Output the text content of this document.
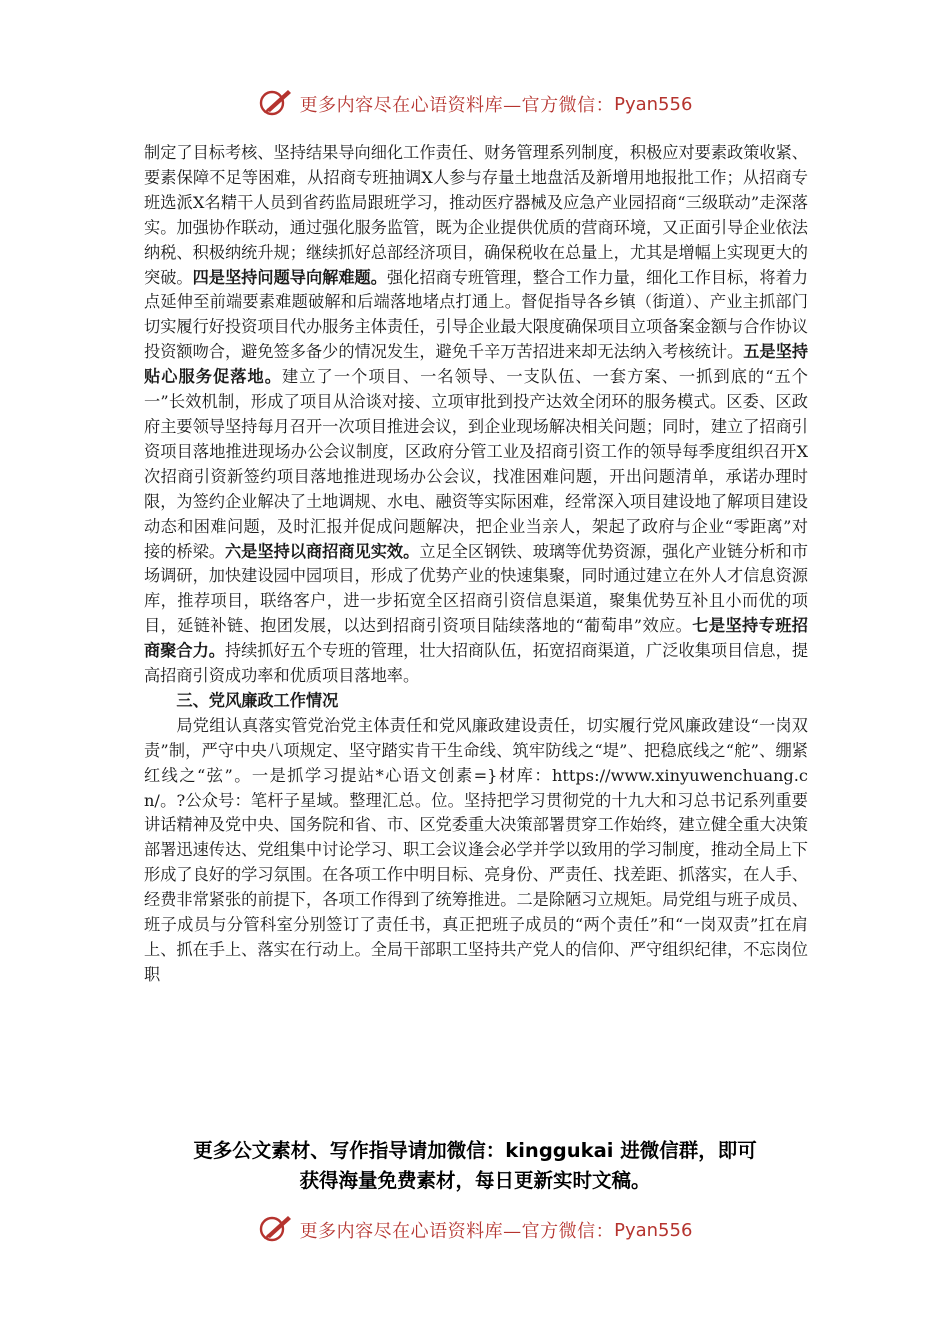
更多内容尽在心语资料库—官方微信： Pyan556

制定了目标考核、坚持结果导向细化工作责任、财务管理系列制度，积极应对要素政策收紧、要素保障不足等困难，从招商专班抽调X人参与存量土地盘活及新增用地报批工作；从招商专班选派X名精干人员到省药监局跟班学习，推动医疗器械及应急产业园招商“三级联动”走深落实。加强协作联动，通过强化服务监管，既为企业提供优质的营商环境，又正面引导企业依法纳税、积极纳统升规；继续抓好总部经济项目，确保税收在总量上，尤其是增幅上实现更大的突破。四是坚持问题导向解难题。强化招商专班管理，整合工作力量，细化工作目标，将着力点延伸至前端要素难题破解和后端落地堵点打通上。督促指导各乡镇（街道）、产业主抓部门切实履行好投资项目代办服务主体责任，引导企业最大限度确保项目立项备案金额与合作协议投资额吻合，避免签多备少的情况发生，避免千辛万苦招进来却无法纳入考核统计。五是坚持贴心服务促落地。建立了一个项目、一名领导、一支队伍、一套方案、一抓到底的“五个一”长效机制，形成了项目从洽谈对接、立项审批到投产达效全闭环的服务模式。区委、区政府主要领导坚持每月召开一次项目推进会议，到企业现场解决相关问题；同时，建立了招商引资项目落地推进现场办公会议制度，区政府分管工业及招商引资工作的领导每季度组织召开X次招商引资新签约项目落地推进现场办公会议，找准困难问题，开出问题清单，承诺办理时限，为签约企业解决了土地调规、水电、融资等实际困难，经常深入项目建设地了解项目建设动态和困难问题，及时汇报并促成问题解决，把企业当亲人，架起了政府与企业“零距离”对接的桥梁。六是坚持以商招商见实效。立足全区钢铁、玻璃等优势资源，强化产业链分析和市场调研，加快建设园中园项目，形成了优势产业的快速集聚，同时通过建立在外人才信息资源库，推荐项目，联络客户，进一步拓宽全区招商引资信息渠道，聚集优势互补且小而优的项目，延链补链、抱团发展，以达到招商引资项目陆续落地的“葡萄串”效应。七是坚持专班招商聚合力。持续抓好五个专班的管理，壮大招商队伍，拓宽招商渠道，广泛收集项目信息，提高招商引资成功率和优质项目落地率。

三、党风廉政工作情况

局党组认真落实管党治党主体责任和党风廉政建设责任，切实履行党风廉政建设“一岗双责”制，严守中央八项规定、坚守踏实肯干生命线、筑牢防线之“堤”、把稳底线之“舵”、绷紧红线之“弦”。一是抓学习提站*心语文创素=}材库：https://www.xinyuwenchuang.cn/。?公众号：笔杆子星域。整理汇总。位。坚持把学习贯彻党的十九大和习总书记系列重要讲话精神及党中央、国务院和省、市、区党委重大决策部署贯穿工作始终，建立健全重大决策部署迅速传达、党组集中讨论学习、职工会议逢会必学并学以致用的学习制度，推动全局上下形成了良好的学习氛围。在各项工作中明目标、亮身份、严责任、找差距、抓落实，在人手、经费非常紧张的前提下，各项工作得到了统筹推进。二是除陋习立规矩。局党组与班子成员、班子成员与分管科室分别签订了责任书，真正把班子成员的“两个责任”和“一岗双责”扛在肩上、抓在手上、落实在行动上。全局干部职工坚持共产党人的信仰、严守组织纪律，不忘岗位职

更多公文素材、写作指导请加微信：kinggukai 进微信群，即可
获得海量免费素材，每日更新实时文稿。
更多内容尽在心语资料库—官方微信： Pyan556
